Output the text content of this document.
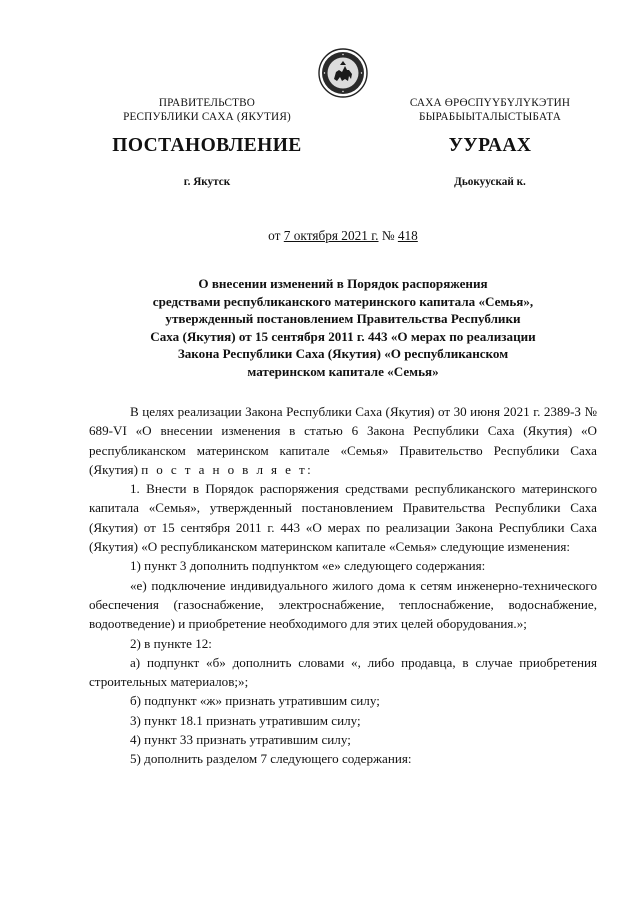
ПРАВИТЕЛЬСТВО
РЕСПУБЛИКИ САХА (ЯКУТИЯ)
САХА ӨРӨСПҮҮБҮЛҮКЭТИН
БЫРАБЫЫТАЛЫСТЫБАТА
ПОСТАНОВЛЕНИЕ	УУРААХ
г. Якутск	Дьокуускай к.
от 7 октября 2021 г. № 418
О внесении изменений в Порядок распоряжения
средствами республиканского материнского капитала «Семья»,
утвержденный постановлением Правительства Республики
Саха (Якутия) от 15 сентября 2011 г. 443 «О мерах по реализации
Закона Республики Саха (Якутия) «О республиканском
материнском капитале «Семья»

В целях реализации Закона Республики Саха (Якутия) от 30 июня 2021 г. 2389-З № 689-VI «О внесении изменения в статью 6 Закона Республики Саха (Якутия) «О республиканском материнском капитале «Семья» Правительство Республики Саха (Якутия) п о с т а н о в л я е т:

1. Внести в Порядок распоряжения средствами республиканского материнского капитала «Семья», утвержденный постановлением Правительства Республики Саха (Якутия) от 15 сентября 2011 г. 443 «О мерах по реализации Закона Республики Саха (Якутия) «О республиканском материнском капитале «Семья» следующие изменения:

1) пункт 3 дополнить подпунктом «е» следующего содержания:

«е) подключение индивидуального жилого дома к сетям инженерно-технического обеспечения (газоснабжение, электроснабжение, теплоснабжение, водоснабжение, водоотведение) и приобретение необходимого для этих целей оборудования.»;

2) в пункте 12:

а) подпункт «б» дополнить словами «, либо продавца, в случае приобретения строительных материалов;»;

б) подпункт «ж» признать утратившим силу;

3) пункт 18.1 признать утратившим силу;

4) пункт 33 признать утратившим силу;

5) дополнить разделом 7 следующего содержания:
